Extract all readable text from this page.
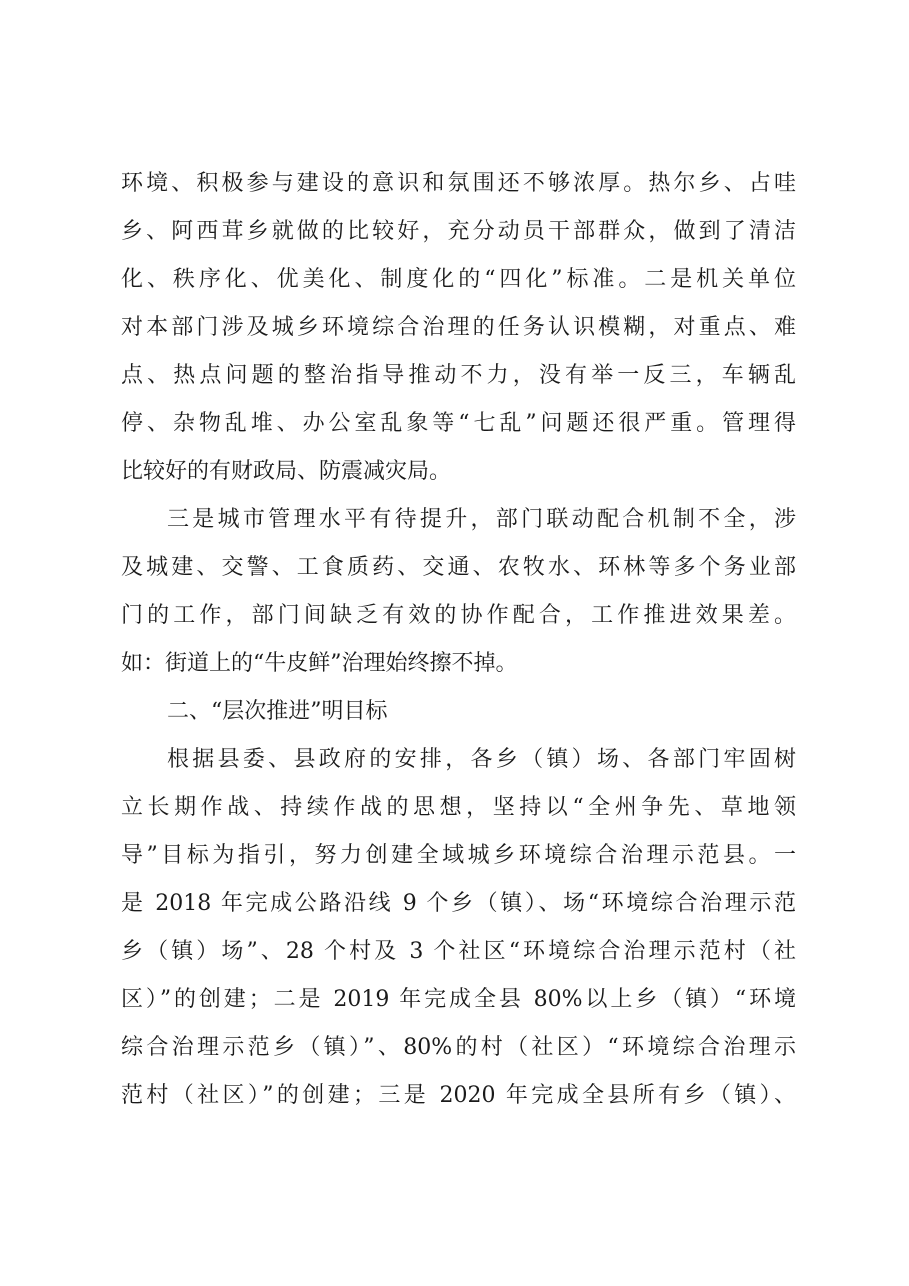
环境、积极参与建设的意识和氛围还不够浓厚。热尔乡、占哇
乡、阿西茸乡就做的比较好，充分动员干部群众，做到了清洁
化、秩序化、优美化、制度化的“四化”标准。二是机关单位
对本部门涉及城乡环境综合治理的任务认识模糊，对重点、难
点、热点问题的整治指导推动不力，没有举一反三，车辆乱
停、杂物乱堆、办公室乱象等“七乱”问题还很严重。管理得
比较好的有财政局、防震减灾局。
三是城市管理水平有待提升，部门联动配合机制不全，涉
及城建、交警、工食质药、交通、农牧水、环林等多个务业部
门的工作，部门间缺乏有效的协作配合，工作推进效果差。
如：街道上的“牛皮鲜”治理始终擦不掉。
二、“层次推进”明目标
根据县委、县政府的安排，各乡（镇）场、各部门牢固树
立长期作战、持续作战的思想，坚持以“全州争先、草地领
导”目标为指引，努力创建全域城乡环境综合治理示范县。一
是 2018 年完成公路沿线 9 个乡（镇）、场“环境综合治理示范
乡（镇）场”、28 个村及 3 个社区“环境综合治理示范村（社
区）”的创建；二是 2019 年完成全县 80%以上乡（镇）“环境
综合治理示范乡（镇）”、80%的村（社区）“环境综合治理示
范村（社区）”的创建；三是 2020 年完成全县所有乡（镇）、
